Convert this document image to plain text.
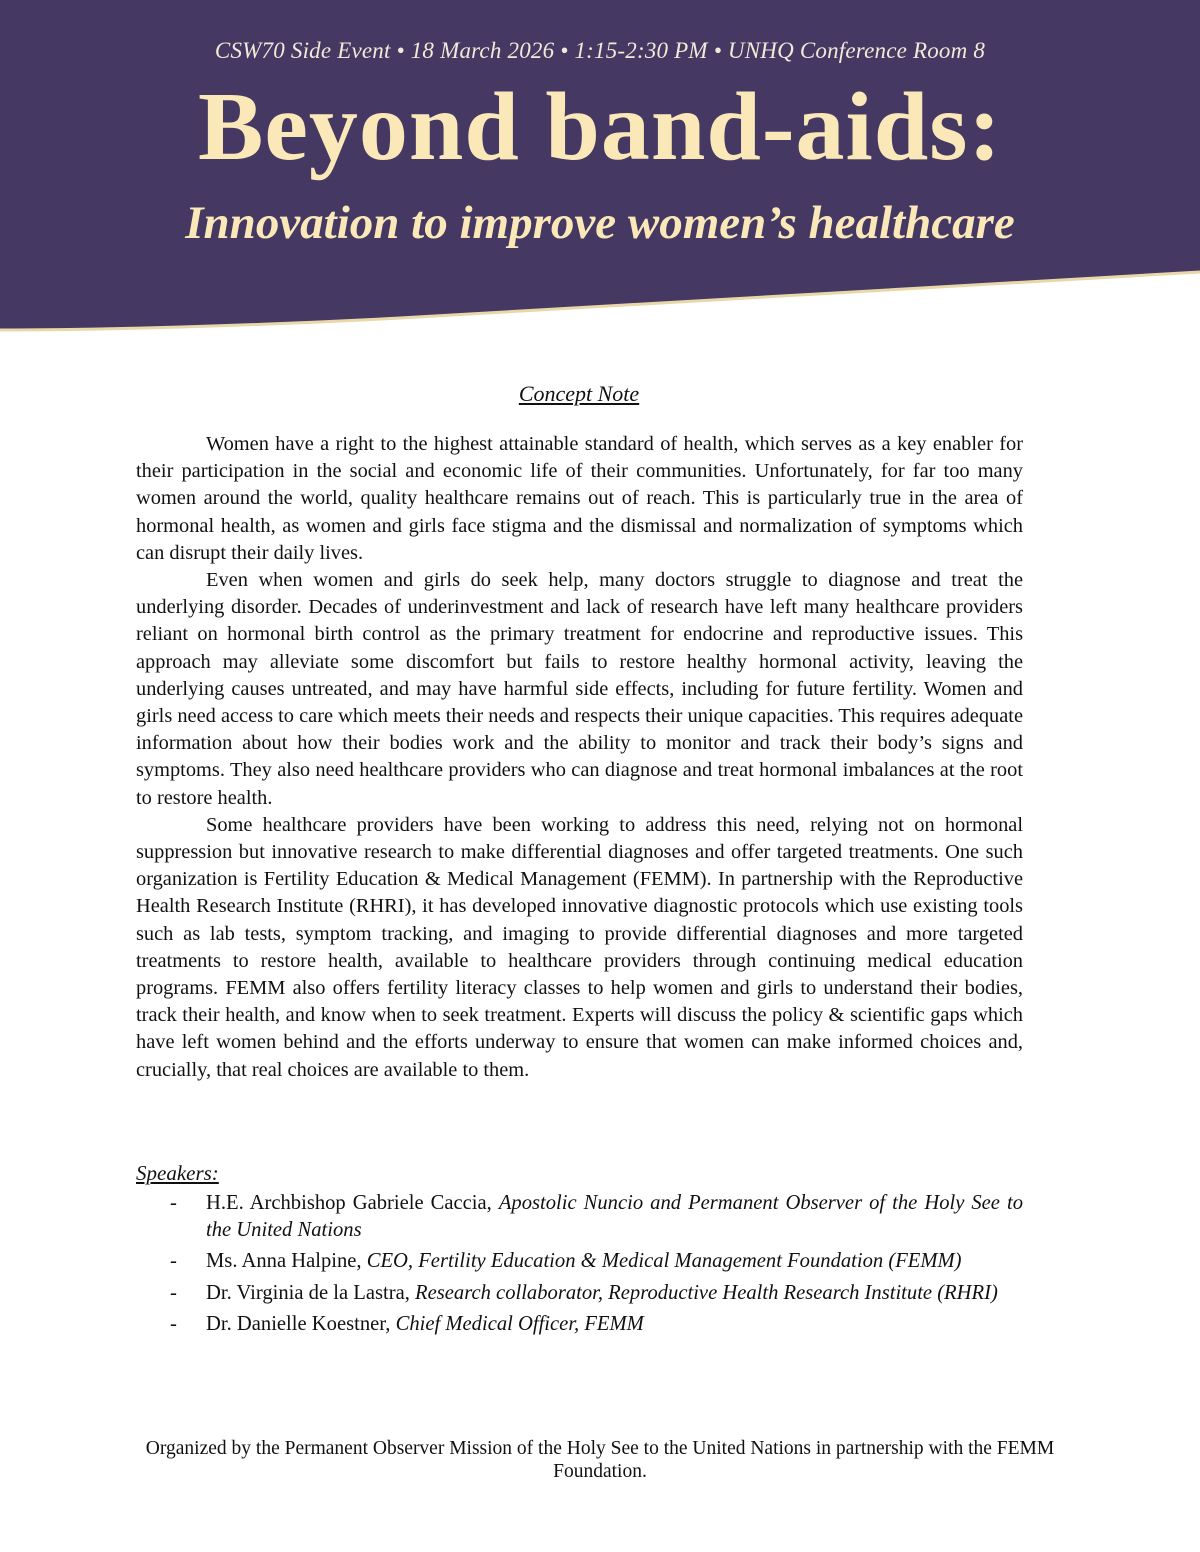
CSW70 Side Event • 18 March 2026 • 1:15-2:30 PM • UNHQ Conference Room 8
Beyond band-aids:
Innovation to improve women’s healthcare
Concept Note

Women have a right to the highest attainable standard of health, which serves as a key enabler for their participation in the social and economic life of their communities. Unfortunately, for far too many women around the world, quality healthcare remains out of reach. This is particularly true in the area of hormonal health, as women and girls face stigma and the dismissal and normalization of symptoms which can disrupt their daily lives.

Even when women and girls do seek help, many doctors struggle to diagnose and treat the underlying disorder. Decades of underinvestment and lack of research have left many healthcare providers reliant on hormonal birth control as the primary treatment for endocrine and reproductive issues. This approach may alleviate some discomfort but fails to restore healthy hormonal activity, leaving the underlying causes untreated, and may have harmful side effects, including for future fertility. Women and girls need access to care which meets their needs and respects their unique capacities. This requires adequate information about how their bodies work and the ability to monitor and track their body’s signs and symptoms. They also need healthcare providers who can diagnose and treat hormonal imbalances at the root to restore health.

Some healthcare providers have been working to address this need, relying not on hormonal suppression but innovative research to make differential diagnoses and offer targeted treatments. One such organization is Fertility Education & Medical Management (FEMM). In partnership with the Reproductive Health Research Institute (RHRI), it has developed innovative diagnostic protocols which use existing tools such as lab tests, symptom tracking, and imaging to provide differential diagnoses and more targeted treatments to restore health, available to healthcare providers through continuing medical education programs. FEMM also offers fertility literacy classes to help women and girls to understand their bodies, track their health, and know when to seek treatment. Experts will discuss the policy & scientific gaps which have left women behind and the efforts underway to ensure that women can make informed choices and, crucially, that real choices are available to them.

Speakers:
- H.E. Archbishop Gabriele Caccia, Apostolic Nuncio and Permanent Observer of the Holy See to the United Nations
- Ms. Anna Halpine, CEO, Fertility Education & Medical Management Foundation (FEMM)
- Dr. Virginia de la Lastra, Research collaborator, Reproductive Health Research Institute (RHRI)
- Dr. Danielle Koestner, Chief Medical Officer, FEMM
Organized by the Permanent Observer Mission of the Holy See to the United Nations in partnership with the FEMM Foundation.
